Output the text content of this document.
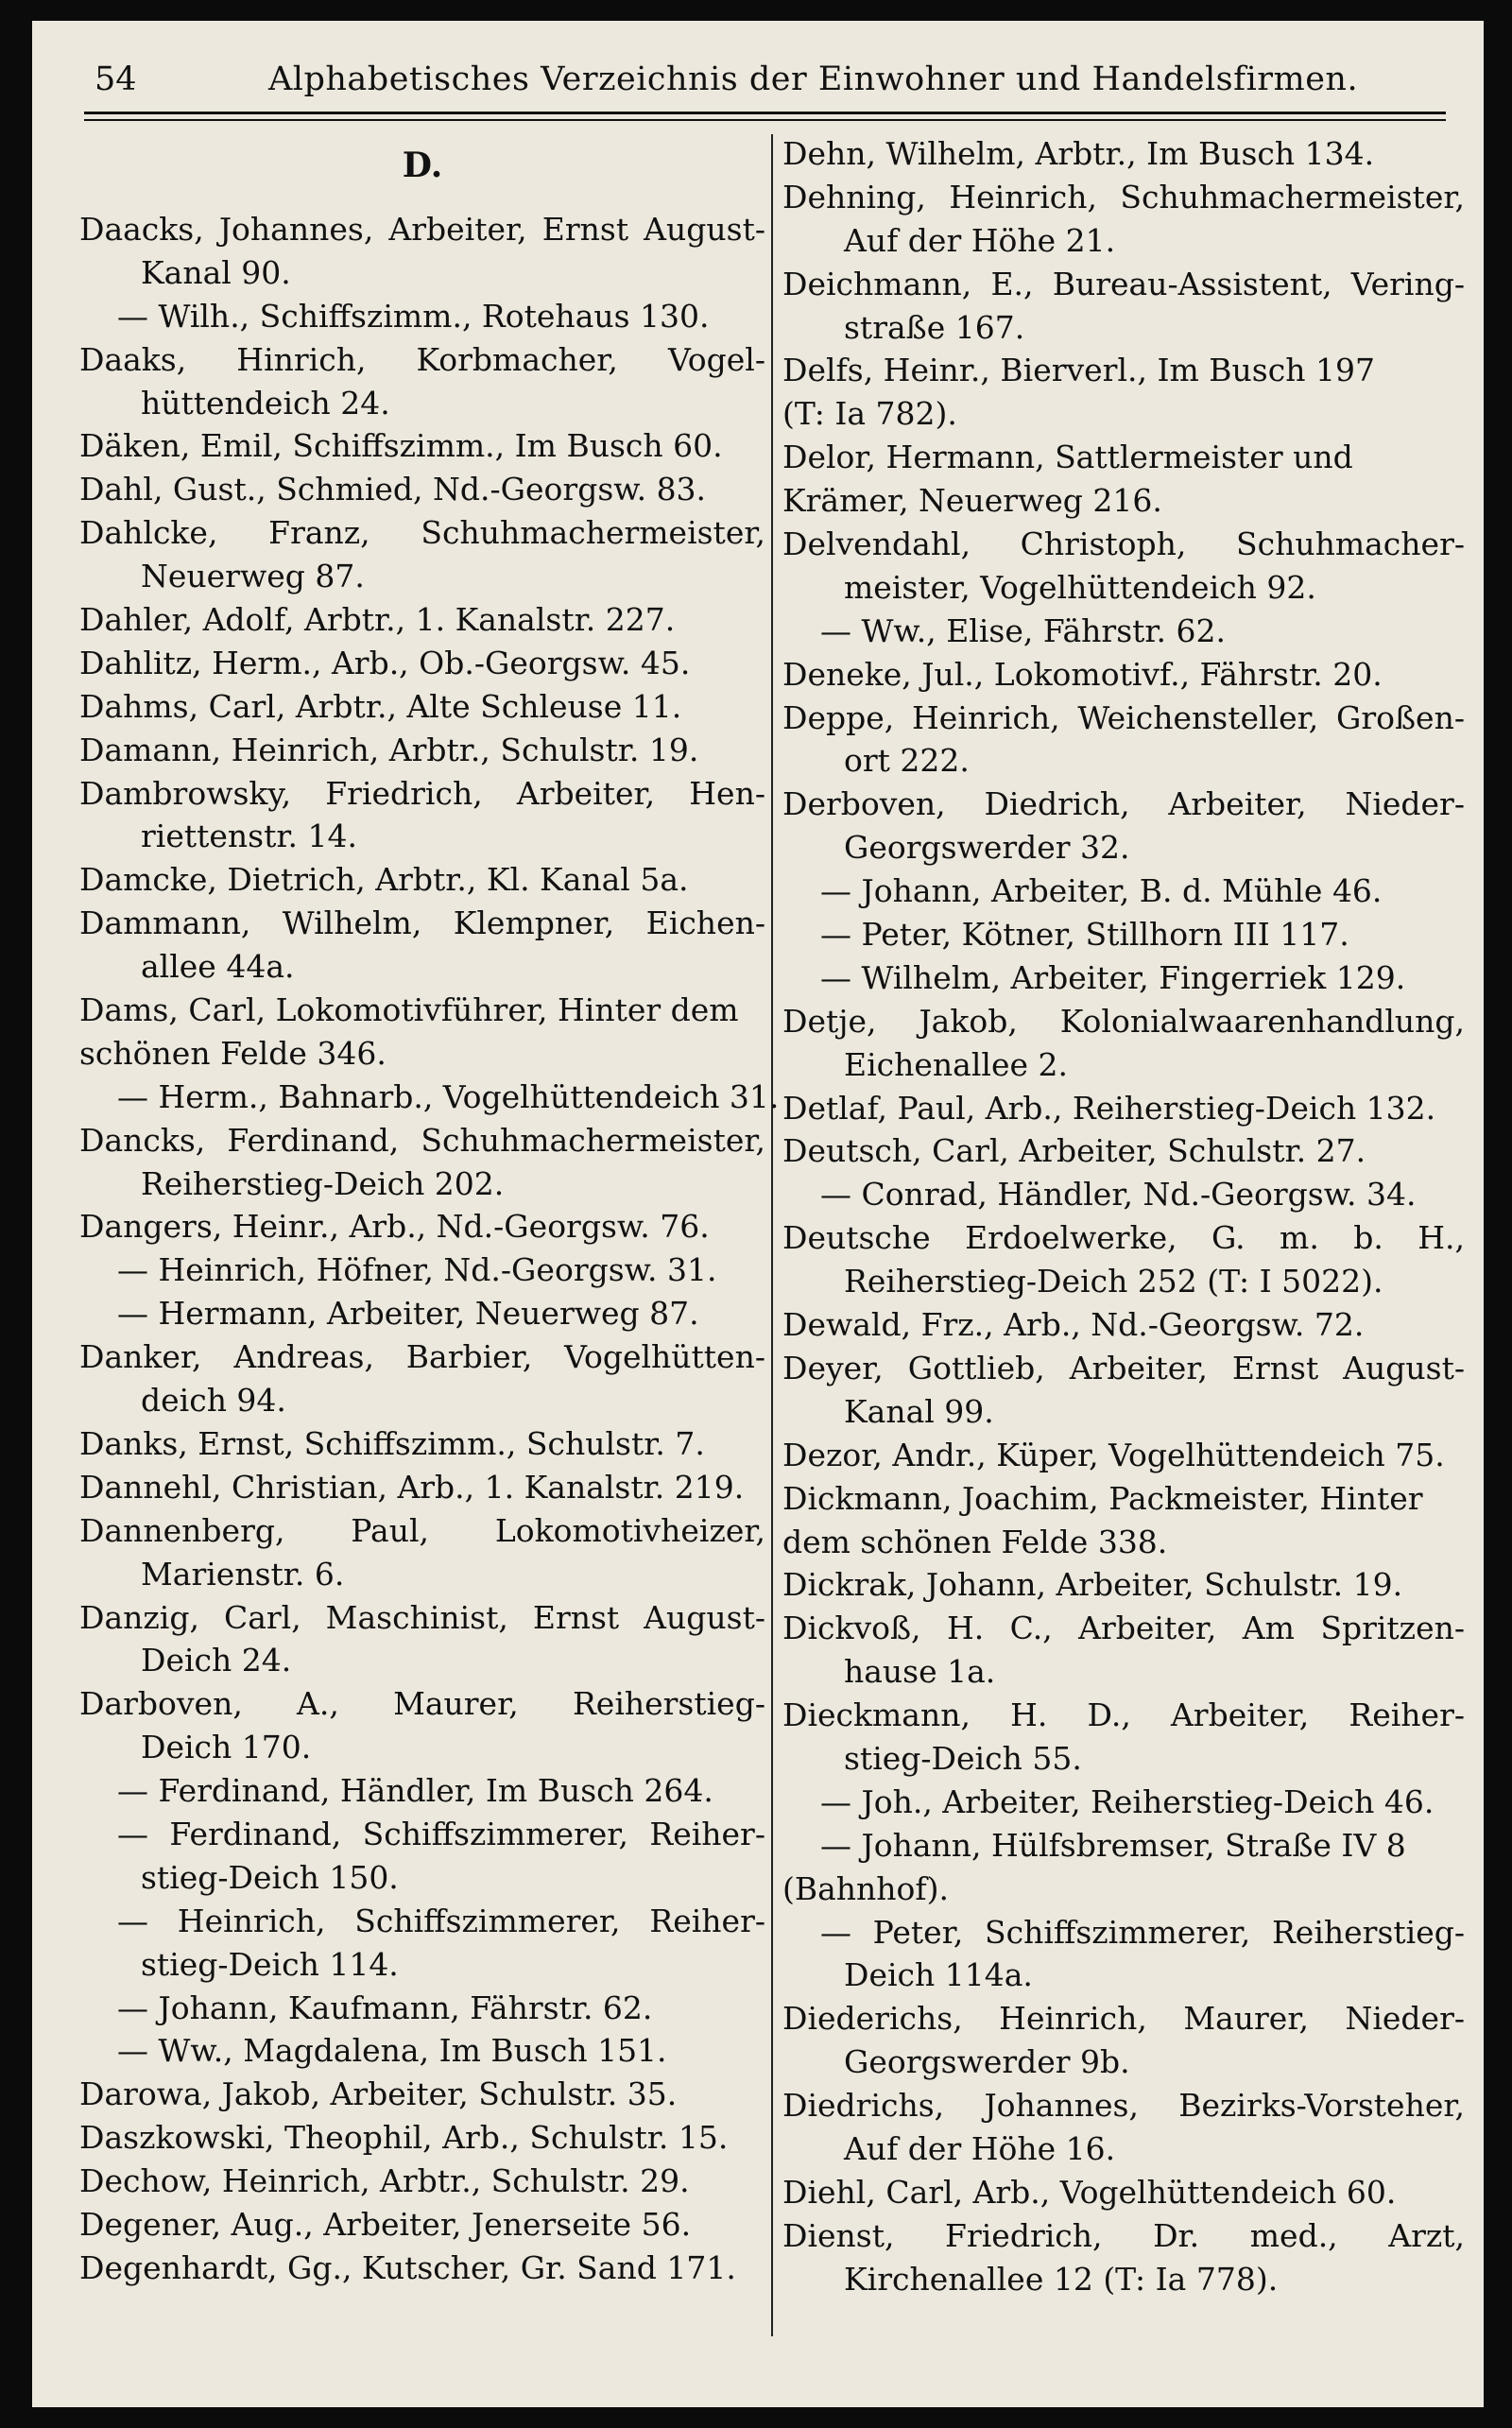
54	Alphabetisches Verzeichnis der Einwohner und Handelsfirmen.
D.
Daacks, Johannes, Arbeiter, Ernst August-
Kanal 90.
— Wilh., Schiffszimm., Rotehaus 130.
Daaks, Hinrich, Korbmacher, Vogel-
hüttendeich 24.
Däken, Emil, Schiffszimm., Im Busch 60.
Dahl, Gust., Schmied, Nd.-Georgsw. 83.
Dahlcke, Franz, Schuhmachermeister,
Neuerweg 87.
Dahler, Adolf, Arbtr., 1. Kanalstr. 227.
Dahlitz, Herm., Arb., Ob.-Georgsw. 45.
Dahms, Carl, Arbtr., Alte Schleuse 11.
Damann, Heinrich, Arbtr., Schulstr. 19.
Dambrowsky, Friedrich, Arbeiter, Hen-
riettenstr. 14.
Damcke, Dietrich, Arbtr., Kl. Kanal 5a.
Dammann, Wilhelm, Klempner, Eichen-
allee 44a.
Dams, Carl, Lokomotivführer, Hinter dem
schönen Felde 346.
— Herm., Bahnarb., Vogelhüttendeich 31.
Dancks, Ferdinand, Schuhmachermeister,
Reiherstieg-Deich 202.
Dangers, Heinr., Arb., Nd.-Georgsw. 76.
— Heinrich, Höfner, Nd.-Georgsw. 31.
— Hermann, Arbeiter, Neuerweg 87.
Danker, Andreas, Barbier, Vogelhütten-
deich 94.
Danks, Ernst, Schiffszimm., Schulstr. 7.
Dannehl, Christian, Arb., 1. Kanalstr. 219.
Dannenberg, Paul, Lokomotivheizer,
Marienstr. 6.
Danzig, Carl, Maschinist, Ernst August-
Deich 24.
Darboven, A., Maurer, Reiherstieg-
Deich 170.
— Ferdinand, Händler, Im Busch 264.
— Ferdinand, Schiffszimmerer, Reiher-
stieg-Deich 150.
— Heinrich, Schiffszimmerer, Reiher-
stieg-Deich 114.
— Johann, Kaufmann, Fährstr. 62.
— Ww., Magdalena, Im Busch 151.
Darowa, Jakob, Arbeiter, Schulstr. 35.
Daszkowski, Theophil, Arb., Schulstr. 15.
Dechow, Heinrich, Arbtr., Schulstr. 29.
Degener, Aug., Arbeiter, Jenerseite 56.
Degenhardt, Gg., Kutscher, Gr. Sand 171.
Dehn, Wilhelm, Arbtr., Im Busch 134.
Dehning, Heinrich, Schuhmachermeister,
Auf der Höhe 21.
Deichmann, E., Bureau-Assistent, Vering-
straße 167.
Delfs, Heinr., Bierverl., Im Busch 197
(T: Ia 782).
Delor, Hermann, Sattlermeister und
Krämer, Neuerweg 216.
Delvendahl, Christoph, Schuhmacher-
meister, Vogelhüttendeich 92.
— Ww., Elise, Fährstr. 62.
Deneke, Jul., Lokomotivf., Fährstr. 20.
Deppe, Heinrich, Weichensteller, Großen-
ort 222.
Derboven, Diedrich, Arbeiter, Nieder-
Georgswerder 32.
— Johann, Arbeiter, B. d. Mühle 46.
— Peter, Kötner, Stillhorn III 117.
— Wilhelm, Arbeiter, Fingerriek 129.
Detje, Jakob, Kolonialwaarenhandlung,
Eichenallee 2.
Detlaf, Paul, Arb., Reiherstieg-Deich 132.
Deutsch, Carl, Arbeiter, Schulstr. 27.
— Conrad, Händler, Nd.-Georgsw. 34.
Deutsche Erdoelwerke, G. m. b. H.,
Reiherstieg-Deich 252 (T: I 5022).
Dewald, Frz., Arb., Nd.-Georgsw. 72.
Deyer, Gottlieb, Arbeiter, Ernst August-
Kanal 99.
Dezor, Andr., Küper, Vogelhüttendeich 75.
Dickmann, Joachim, Packmeister, Hinter
dem schönen Felde 338.
Dickrak, Johann, Arbeiter, Schulstr. 19.
Dickvoß, H. C., Arbeiter, Am Spritzen-
hause 1a.
Dieckmann, H. D., Arbeiter, Reiher-
stieg-Deich 55.
— Joh., Arbeiter, Reiherstieg-Deich 46.
— Johann, Hülfsbremser, Straße IV 8
(Bahnhof).
— Peter, Schiffszimmerer, Reiherstieg-
Deich 114a.
Diederichs, Heinrich, Maurer, Nieder-
Georgswerder 9b.
Diedrichs, Johannes, Bezirks-Vorsteher,
Auf der Höhe 16.
Diehl, Carl, Arb., Vogelhüttendeich 60.
Dienst, Friedrich, Dr. med., Arzt,
Kirchenallee 12 (T: Ia 778).
